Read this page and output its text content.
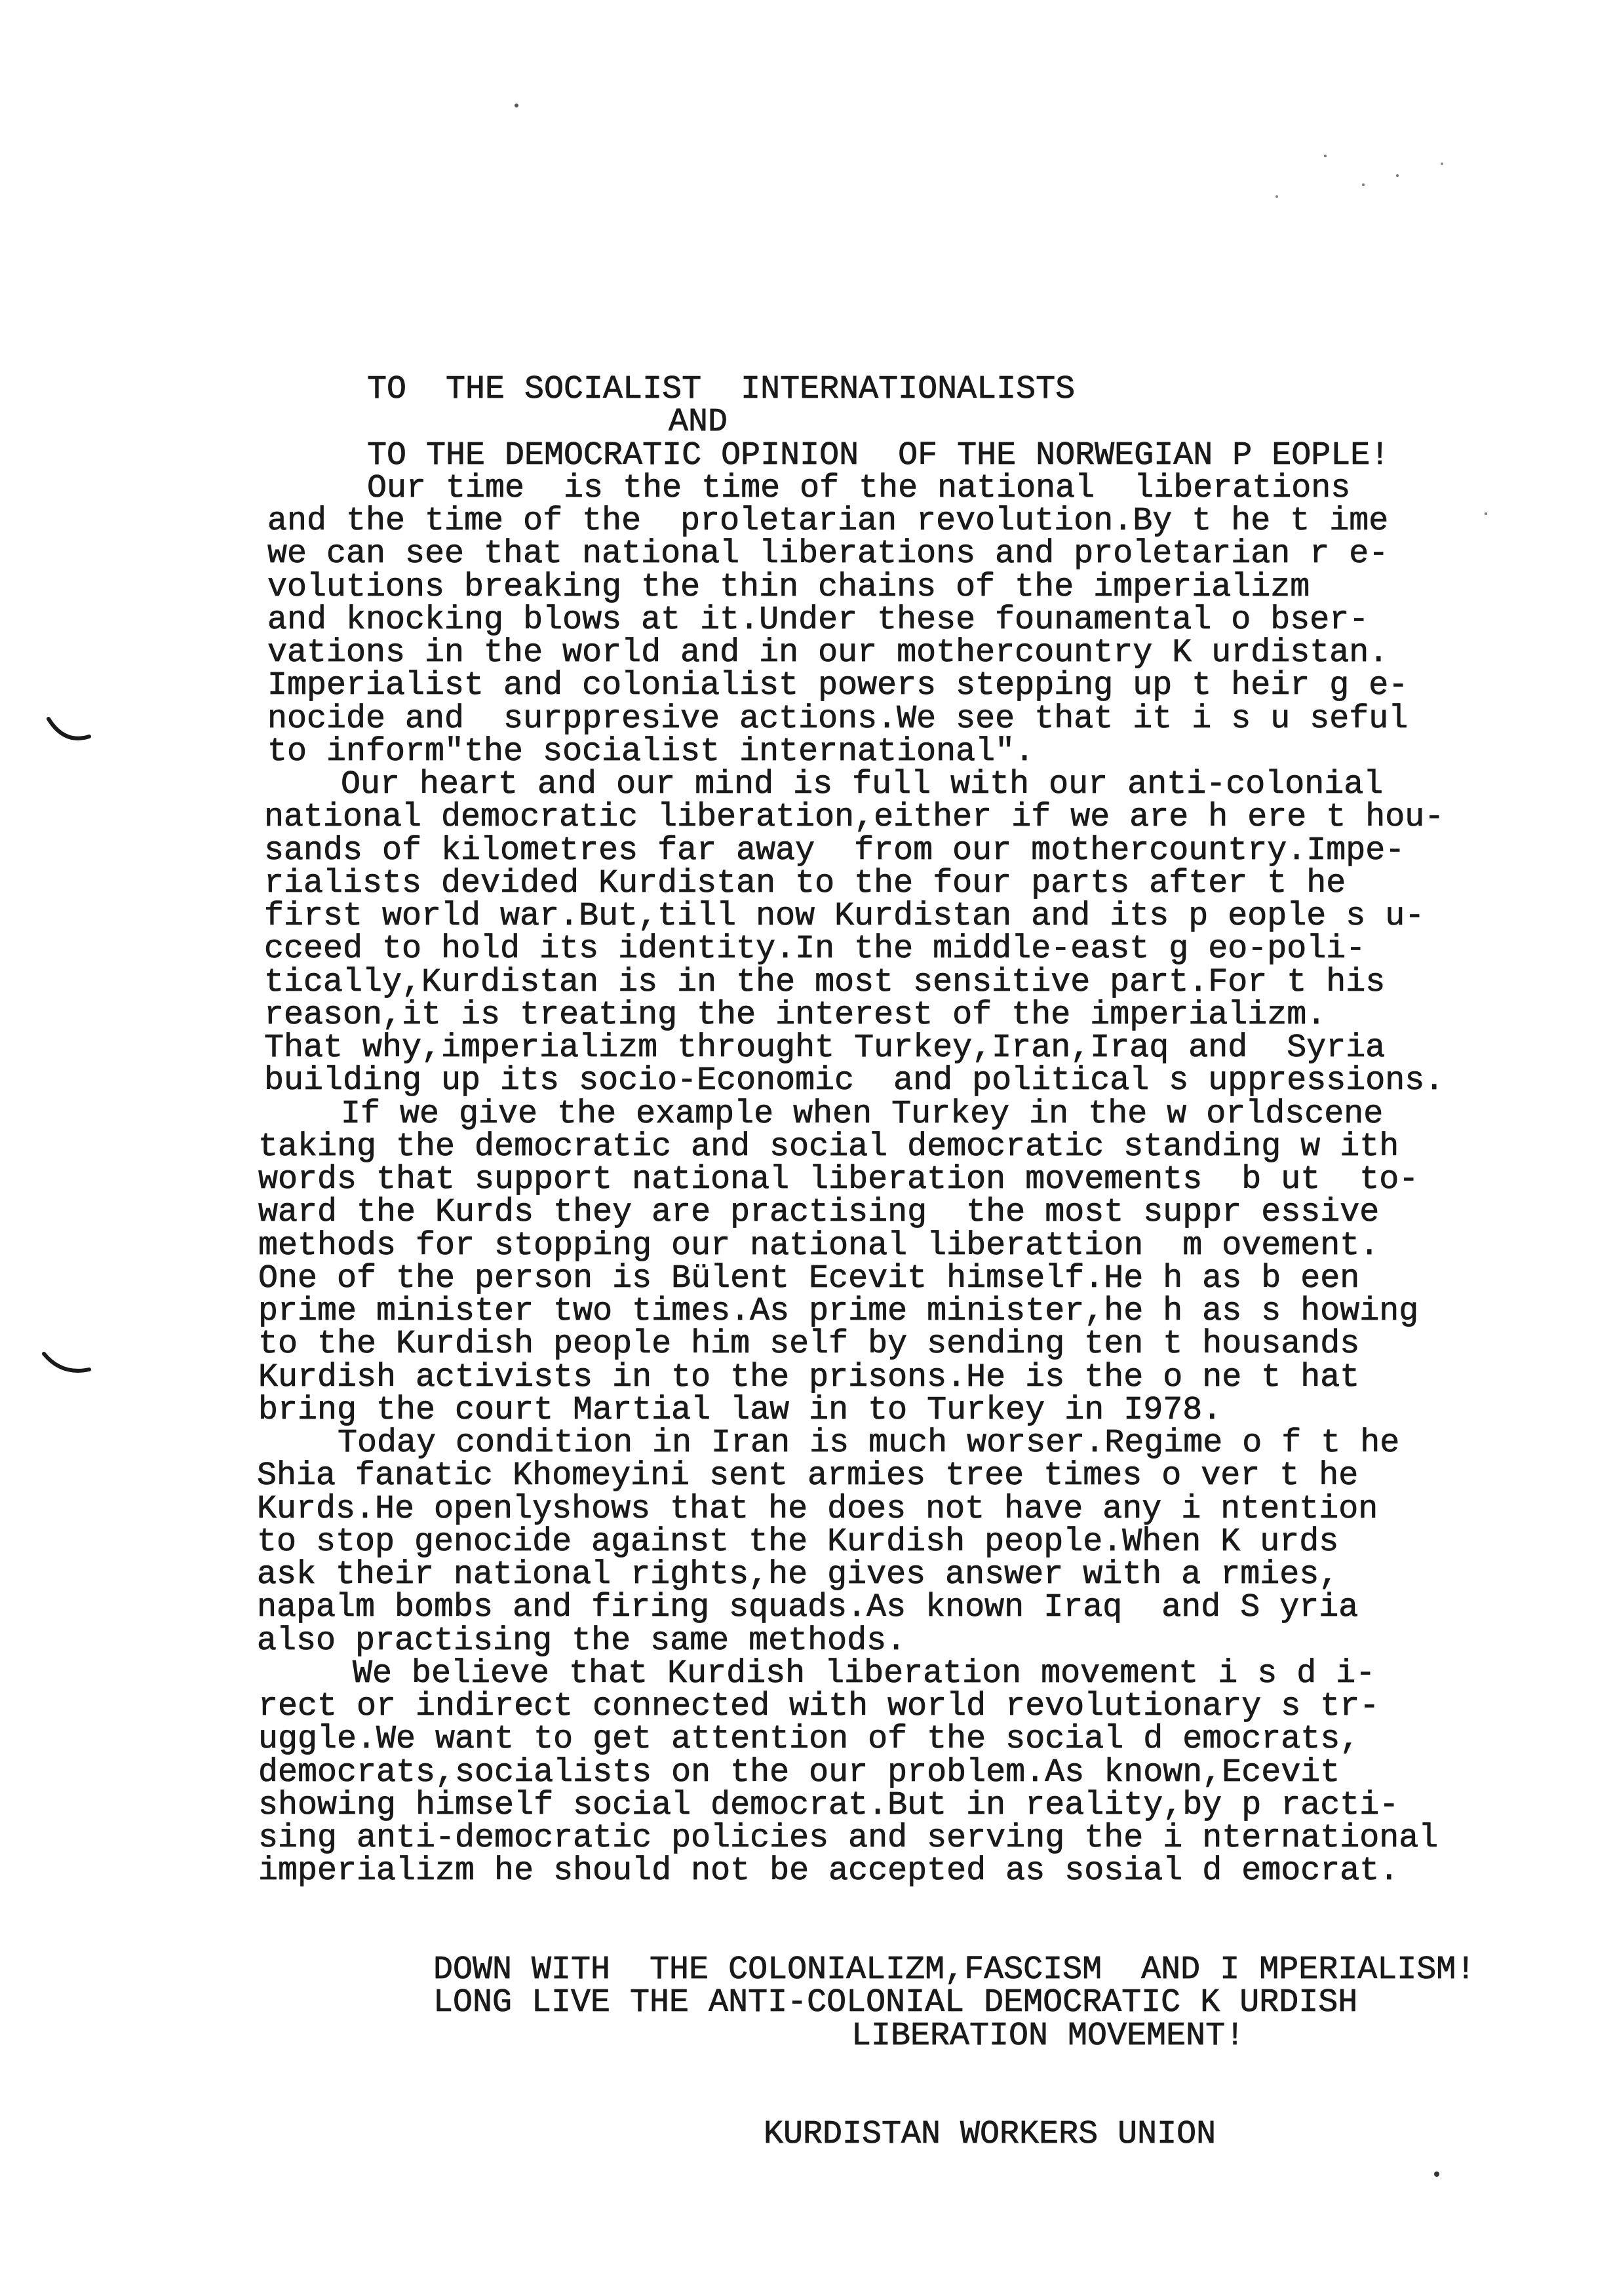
TO  THE SOCIALIST  INTERNATIONALISTS
AND
TO THE DEMOCRATIC OPINION  OF THE NORWEGIAN P EOPLE!
Our time  is the time of the national  liberations
and the time of the  proletarian revolution.By t he t ime
we can see that national liberations and proletarian r e-
volutions breaking the thin chains of the imperializm
and knocking blows at it.Under these founamental o bser-
vations in the world and in our mothercountry K urdistan.
Imperialist and colonialist powers stepping up t heir g e-
nocide and  surppresive actions.We see that it i s u seful
to inform"the socialist international".
Our heart and our mind is full with our anti-colonial
national democratic liberation,either if we are h ere t hou-
sands of kilometres far away  from our mothercountry.Impe-
rialists devided Kurdistan to the four parts after t he
first world war.But,till now Kurdistan and its p eople s u-
cceed to hold its identity.In the middle-east g eo-poli-
tically,Kurdistan is in the most sensitive part.For t his
reason,it is treating the interest of the imperializm.
That why,imperializm throught Turkey,Iran,Iraq and  Syria
building up its socio-Economic  and political s uppressions.
If we give the example when Turkey in the w orldscene
taking the democratic and social democratic standing w ith
words that support national liberation movements  b ut  to-
ward the Kurds they are practising  the most suppr essive
methods for stopping our national liberattion  m ovement.
One of the person is Bülent Ecevit himself.He h as b een
prime minister two times.As prime minister,he h as s howing
to the Kurdish people him self by sending ten t housands
Kurdish activists in to the prisons.He is the o ne t hat
bring the court Martial law in to Turkey in I978.
Today condition in Iran is much worser.Regime o f t he
Shia fanatic Khomeyini sent armies tree times o ver t he
Kurds.He openlyshows that he does not have any i ntention
to stop genocide against the Kurdish people.When K urds
ask their national rights,he gives answer with a rmies,
napalm bombs and firing squads.As known Iraq  and S yria
also practising the same methods.
We believe that Kurdish liberation movement i s d i-
rect or indirect connected with world revolutionary s tr-
uggle.We want to get attention of the social d emocrats,
democrats,socialists on the our problem.As known,Ecevit
showing himself social democrat.But in reality,by p racti-
sing anti-democratic policies and serving the i nternational
imperializm he should not be accepted as sosial d emocrat.
DOWN WITH  THE COLONIALIZM,FASCISM  AND I MPERIALISM!
LONG LIVE THE ANTI-COLONIAL DEMOCRATIC K URDISH
LIBERATION MOVEMENT!
KURDISTAN WORKERS UNION
